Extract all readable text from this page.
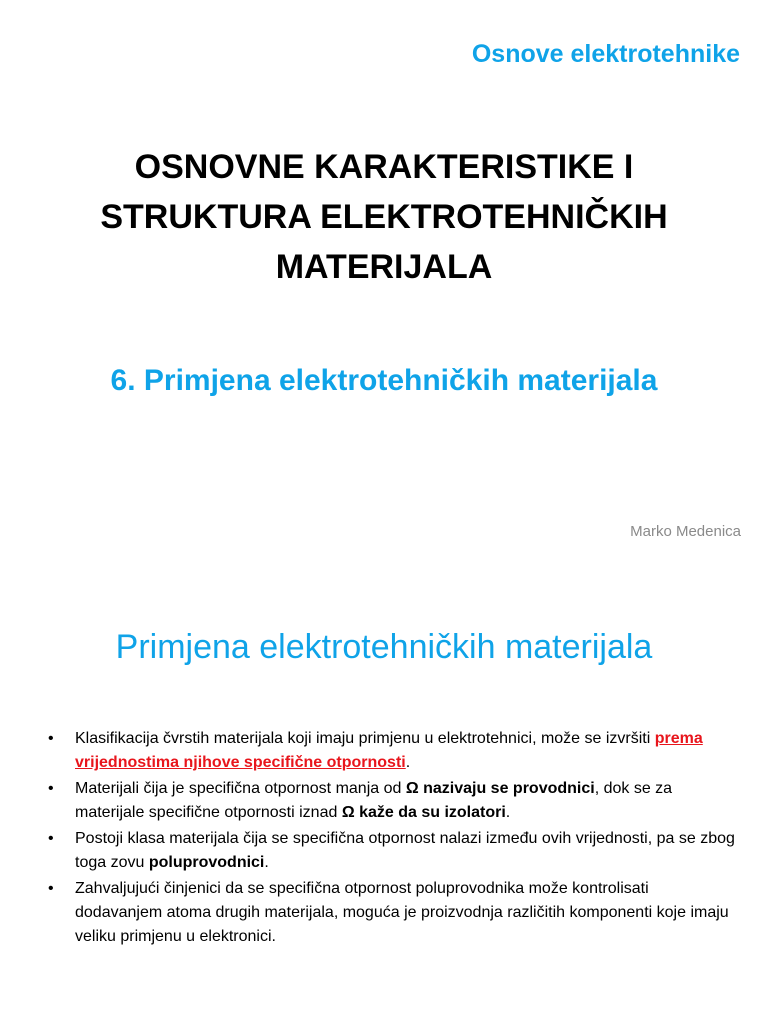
Osnove elektrotehnike
OSNOVNE KARAKTERISTIKE I
STRUKTURA ELEKTROTEHNIČKIH
MATERIJALA
6. Primjena elektrotehničkih materijala
Marko Medenica
Primjena elektrotehničkih materijala
• Klasifikacija čvrstih materijala koji imaju primjenu u elektrotehnici, može se izvršiti prema vrijednostima njihove specifične otpornosti.
• Materijali čija je specifična otpornost manja od Ω nazivaju se provodnici, dok se za materijale specifične otpornosti iznad Ω kaže da su izolatori.
• Postoji klasa materijala čija se specifična otpornost nalazi između ovih vrijednosti, pa se zbog toga zovu poluprovodnici.
• Zahvaljujući činjenici da se specifična otpornost poluprovodnika može kontrolisati dodavanjem atoma drugih materijala, moguća je proizvodnja različitih komponenti koje imaju veliku primjenu u elektronici.
